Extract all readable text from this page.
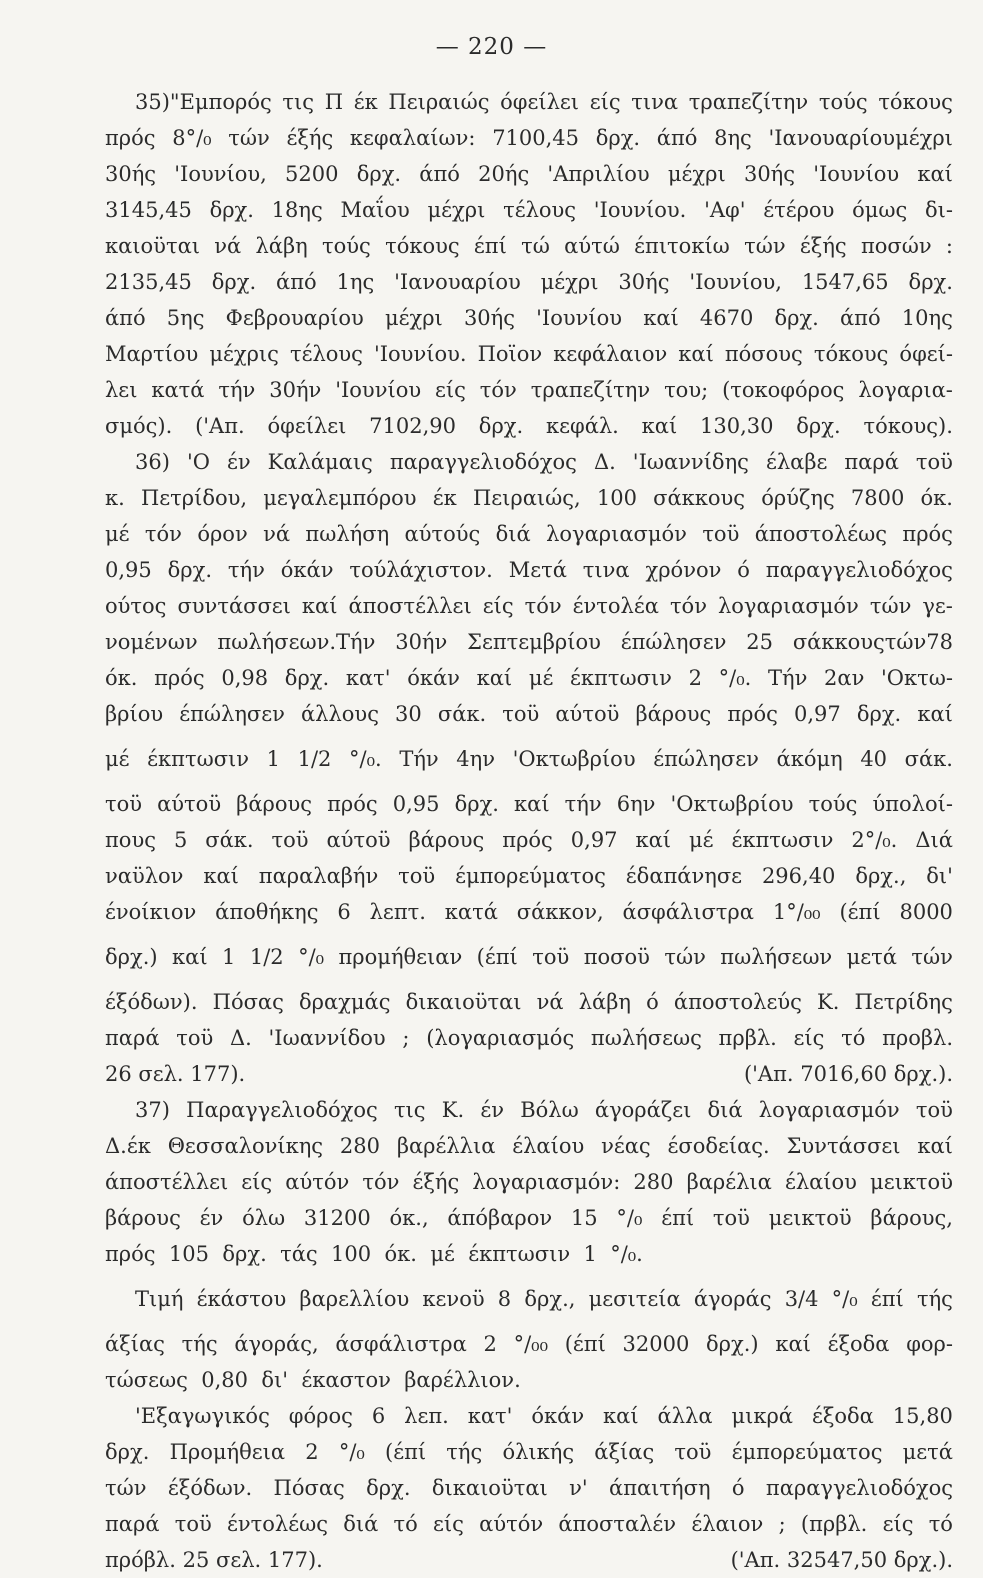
— 220 —
35)"Εμπορός τις Π έκ Πειραιώς όφείλει είς τινα τραπεζίτην τούς τόκους
πρός 8°/₀ τών έξής κεφαλαίων: 7100,45 δρχ. άπό 8ης 'Ιανουαρίουμέχρι
30ής 'Ιουνίου, 5200 δρχ. άπό 20ής 'Απριλίου μέχρι 30ής 'Ιουνίου καί
3145,45 δρχ. 18ης Μαΐου μέχρι τέλους 'Ιουνίου. 'Αφ' έτέρου όμως δι-
καιοϋται νά λάβη τούς τόκους έπί τώ αύτώ έπιτοκίω τών έξής ποσών :
2135,45 δρχ. άπό 1ης 'Ιανουαρίου μέχρι 30ής 'Ιουνίου, 1547,65 δρχ.
άπό 5ης Φεβρουαρίου μέχρι 30ής 'Ιουνίου καί 4670 δρχ. άπό 10ης
Μαρτίου μέχρις τέλους 'Ιουνίου. Ποϊον κεφάλαιον καί πόσους τόκους όφεί-
λει κατά τήν 30ήν 'Ιουνίου είς τόν τραπεζίτην του; (τοκοφόρος λογαρια-
σμός). ('Απ. όφείλει 7102,90 δρχ. κεφάλ. καί 130,30 δρχ. τόκους).
36) 'Ο έν Καλάμαις παραγγελιοδόχος Δ. 'Ιωαννίδης έλαβε παρά τοϋ
κ. Πετρίδου, μεγαλεμπόρου έκ Πειραιώς, 100 σάκκους όρύζης 7800 όκ.
μέ τόν όρον νά πωλήση αύτούς διά λογαριασμόν τοϋ άποστολέως πρός
0,95 δρχ. τήν όκάν τούλάχιστον. Μετά τινα χρόνον ό παραγγελιοδόχος
ούτος συντάσσει καί άποστέλλει είς τόν έντολέα τόν λογαριασμόν τών γε-
νομένων πωλήσεων.Τήν 30ήν Σεπτεμβρίου έπώλησεν 25 σάκκουςτών78
όκ. πρός 0,98 δρχ. κατ' όκάν καί μέ έκπτωσιν 2 °/₀. Τήν 2αν 'Οκτω-
βρίου έπώλησεν άλλους 30 σάκ. τοϋ αύτοϋ βάρους πρός 0,97 δρχ. καί
μέ έκπτωσιν 1 1/2 °/₀. Τήν 4ην 'Οκτωβρίου έπώλησεν άκόμη 40 σάκ.
τοϋ αύτοϋ βάρους πρός 0,95 δρχ. καί τήν 6ην 'Οκτωβρίου τούς ύπολοί-
πους 5 σάκ. τοϋ αύτοϋ βάρους πρός 0,97 καί μέ έκπτωσιν 2°/₀. Διά
ναϋλον καί παραλαβήν τοϋ έμπορεύματος έδαπάνησε 296,40 δρχ., δι'
ένοίκιον άποθήκης 6 λεπτ. κατά σάκκον, άσφάλιστρα 1°/₀₀ (έπί 8000
δρχ.) καί 1 1/2 °/₀ προμήθειαν (έπί τοϋ ποσοϋ τών πωλήσεων μετά τών
έξόδων). Πόσας δραχμάς δικαιοϋται νά λάβη ό άποστολεύς Κ. Πετρίδης
παρά τοϋ Δ. 'Ιωαννίδου ; (λογαριασμός πωλήσεως πρβλ. είς τό προβλ.
26 σελ. 177).	('Απ. 7016,60 δρχ.).
37) Παραγγελιοδόχος τις Κ. έν Βόλω άγοράζει διά λογαριασμόν τοϋ
Δ.έκ Θεσσαλονίκης 280 βαρέλλια έλαίου νέας έσοδείας. Συντάσσει καί
άποστέλλει είς αύτόν τόν έξής λογαριασμόν: 280 βαρέλια έλαίου μεικτοϋ
βάρους έν όλω 31200 όκ., άπόβαρον 15 °/₀ έπί τοϋ μεικτοϋ βάρους,
πρός
105
δρχ.
τάς
100
όκ.
μέ
έκπτωσιν
1
°/₀.
Τιμή έκάστου βαρελλίου κενοϋ 8 δρχ., μεσιτεία άγοράς 3/4 °/₀ έπί τής
άξίας τής άγοράς, άσφάλιστρα 2 °/₀₀ (έπί 32000 δρχ.) καί έξοδα φορ-
τώσεως
0,80
δι'
έκαστον
βαρέλλιον.
'Εξαγωγικός φόρος 6 λεπ. κατ' όκάν καί άλλα μικρά έξοδα 15,80
δρχ. Προμήθεια 2 °/₀ (έπί τής όλικής άξίας τοϋ έμπορεύματος μετά
τών έξόδων. Πόσας δρχ. δικαιοϋται ν' άπαιτήση ό παραγγελιοδόχος
παρά τοϋ έντολέως διά τό είς αύτόν άποσταλέν έλαιον ; (πρβλ. είς τό
πρόβλ. 25 σελ. 177).	('Απ. 32547,50 δρχ.).
